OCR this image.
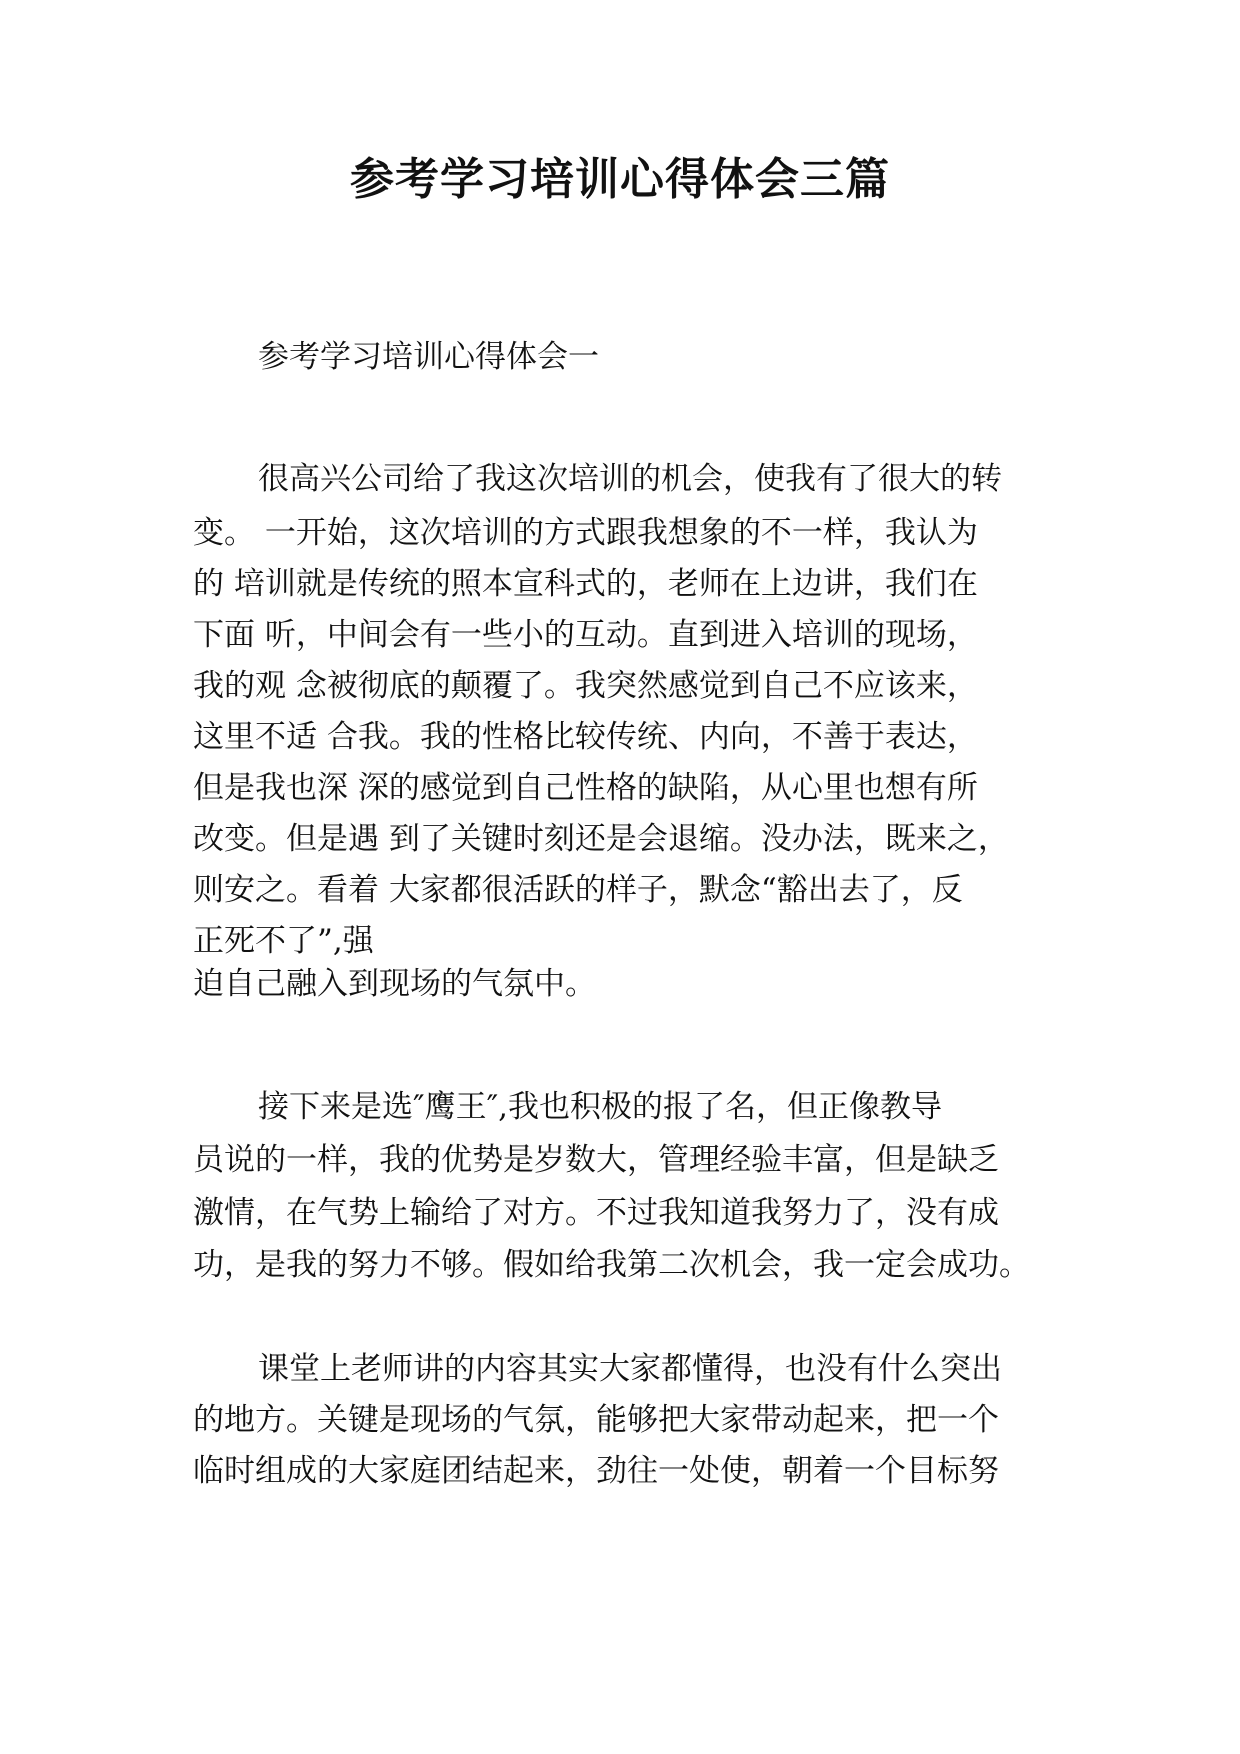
参考学习培训心得体会三篇

参考学习培训心得体会一

很高兴公司给了我这次培训的机会，使我有了很大的转

变。 一开始，这次培训的方式跟我想象的不一样，我认为

的 培训就是传统的照本宣科式的，老师在上边讲，我们在

下面 听，中间会有一些小的互动。直到进入培训的现场，

我的观 念被彻底的颠覆了。我突然感觉到自己不应该来，

这里不适 合我。我的性格比较传统、内向，不善于表达，

但是我也深 深的感觉到自己性格的缺陷，从心里也想有所

改变。但是遇 到了关键时刻还是会退缩。没办法，既来之，

则安之。看着 大家都很活跃的样子，默念“豁出去了，反

正死不了”,强

迫自己融入到现场的气氛中。

接下来是选″鹰王″,我也积极的报了名，但正像教导

员说的一样，我的优势是岁数大，管理经验丰富，但是缺乏

激情，在气势上输给了对方。不过我知道我努力了，没有成

功，是我的努力不够。假如给我第二次机会，我一定会成功。

课堂上老师讲的内容其实大家都懂得，也没有什么突出

的地方。关键是现场的气氛，能够把大家带动起来，把一个

临时组成的大家庭团结起来，劲往一处使，朝着一个目标努
